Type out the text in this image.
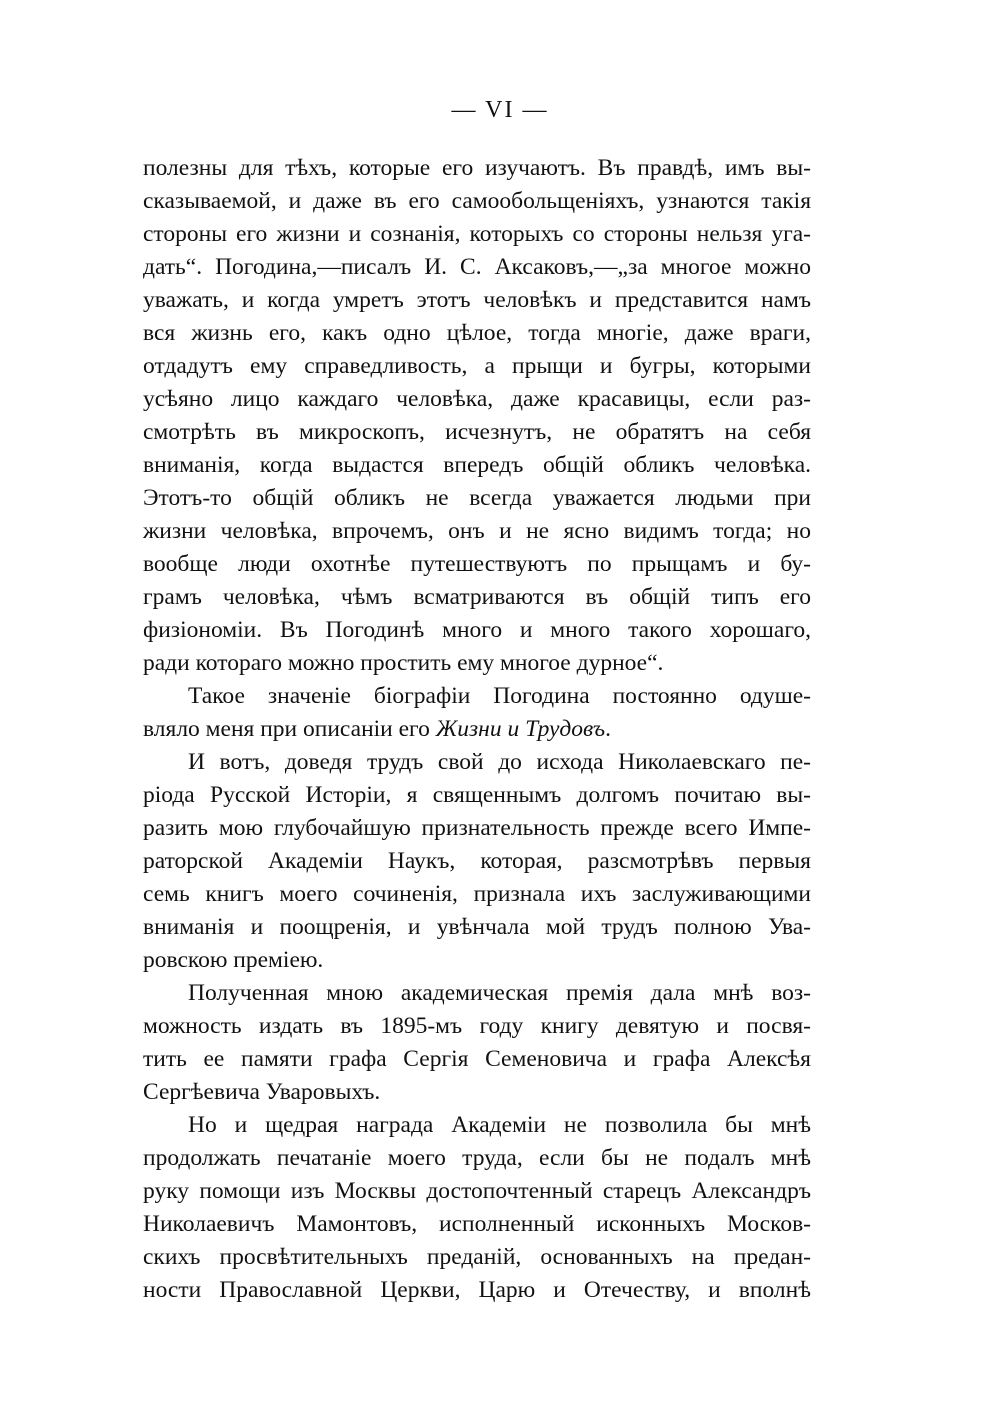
— VI —
полезны для тѣхъ, которые его изучаютъ. Въ правдѣ, имъ вы-
сказываемой, и даже въ его самообольщеніяхъ, узнаются такія
стороны его жизни и сознанія, которыхъ со стороны нельзя уга-
дать“. Погодина,—писалъ И. С. Аксаковъ,—„за многое можно
уважать, и когда умретъ этотъ человѣкъ и представится намъ
вся жизнь его, какъ одно цѣлое, тогда многіе, даже враги,
отдадутъ ему справедливость, а прыщи и бугры, которыми
усѣяно лицо каждаго человѣка, даже красавицы, если раз-
смотрѣть въ микроскопъ, исчезнутъ, не обратятъ на себя
вниманія, когда выдастся впередъ общій обликъ человѣка.
Этотъ-то общій обликъ не всегда уважается людьми при
жизни человѣка, впрочемъ, онъ и не ясно видимъ тогда; но
вообще люди охотнѣе путешествуютъ по прыщамъ и бу-
грамъ человѣка, чѣмъ всматриваются въ общій типъ его
физіономіи. Въ Погодинѣ много и много такого хорошаго,
ради котораго можно простить ему многое дурное“.
Такое значеніе біографіи Погодина постоянно одуше-
вляло меня при описаніи его Жизни и Трудовъ.
И вотъ, доведя трудъ свой до исхода Николаевскаго пе-
ріода Русской Исторіи, я священнымъ долгомъ почитаю вы-
разить мою глубочайшую признательность прежде всего Импе-
раторской Академіи Наукъ, которая, разсмотрѣвъ первыя
семь книгъ моего сочиненія, признала ихъ заслуживающими
вниманія и поощренія, и увѣнчала мой трудъ полною Ува-
ровскою преміею.
Полученная мною академическая премія дала мнѣ воз-
можность издать въ 1895-мъ году книгу девятую и посвя-
тить ее памяти графа Сергія Семеновича и графа Алексѣя
Сергѣевича Уваровыхъ.
Но и щедрая награда Академіи не позволила бы мнѣ
продолжать печатаніе моего труда, если бы не подалъ мнѣ
руку помощи изъ Москвы достопочтенный старецъ Александръ
Николаевичъ Мамонтовъ, исполненный исконныхъ Москов-
скихъ просвѣтительныхъ преданій, основанныхъ на предан-
ности Православной Церкви, Царю и Отечеству, и вполнѣ
